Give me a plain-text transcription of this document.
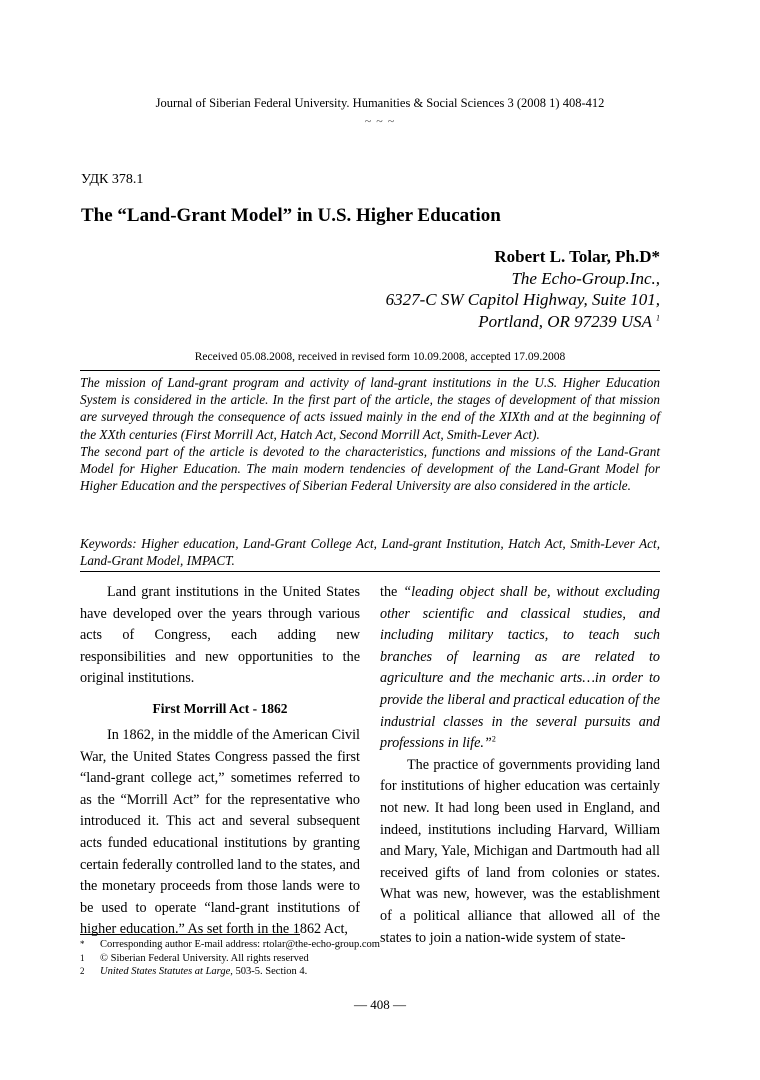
Journal of Siberian Federal University. Humanities & Social Sciences 3 (2008 1) 408-412
~ ~ ~
УДК 378.1
The “Land-Grant Model” in U.S. Higher Education
Robert L. Tolar, Ph.D*
The Echo-Group.Inc.,
6327-C SW Capitol Highway, Suite 101,
Portland, OR 97239 USA $^1$
Received 05.08.2008, received in revised form 10.09.2008, accepted 17.09.2008

The mission of Land-grant program and activity of land-grant institutions in the U.S. Higher Education System is considered in the article. In the first part of the article, the stages of development of that mission are surveyed through the consequence of acts issued mainly in the end of the XIXth and at the beginning of the XXth centuries (First Morrill Act, Hatch Act, Second Morrill Act, Smith-Lever Act).

The second part of the article is devoted to the characteristics, functions and missions of the Land-Grant Model for Higher Education. The main modern tendencies of development of the Land-Grant Model for Higher Education and the perspectives of Siberian Federal University are also considered in the article.

Keywords: Higher education, Land-Grant College Act, Land-grant Institution, Hatch Act, Smith-Lever Act, Land-Grant Model, IMPACT.

Land grant institutions in the United States have developed over the years through various acts of Congress, each adding new responsibilities and new opportunities to the original institutions.

First Morrill Act - 1862

In 1862, in the middle of the American Civil War, the United States Congress passed the first “land-grant college act,” sometimes referred to as the “Morrill Act” for the representative who introduced it. This act and several subsequent acts funded educational institutions by granting certain federally controlled land to the states, and the monetary proceeds from those lands were to be used to operate “land-grant institutions of higher education.” As set forth in the 1862 Act,

the “leading object shall be, without excluding other scientific and classical studies, and including military tactics, to teach such branches of learning as are related to agriculture and the mechanic arts…in order to provide the liberal and practical education of the industrial classes in the several pursuits and professions in life.”$^2$

The practice of governments providing land for institutions of higher education was certainly not new. It had long been used in England, and indeed, institutions including Harvard, William and Mary, Yale, Michigan and Dartmouth had all received gifts of land from colonies or states. What was new, however, was the establishment of a political alliance that allowed all of the states to join a nation-wide system of state-

*	Corresponding author E-mail address: rtolar@the-echo-group.com
1	© Siberian Federal University. All rights reserved
2	United States Statutes at Large, 503-5. Section 4.
— 408 —
